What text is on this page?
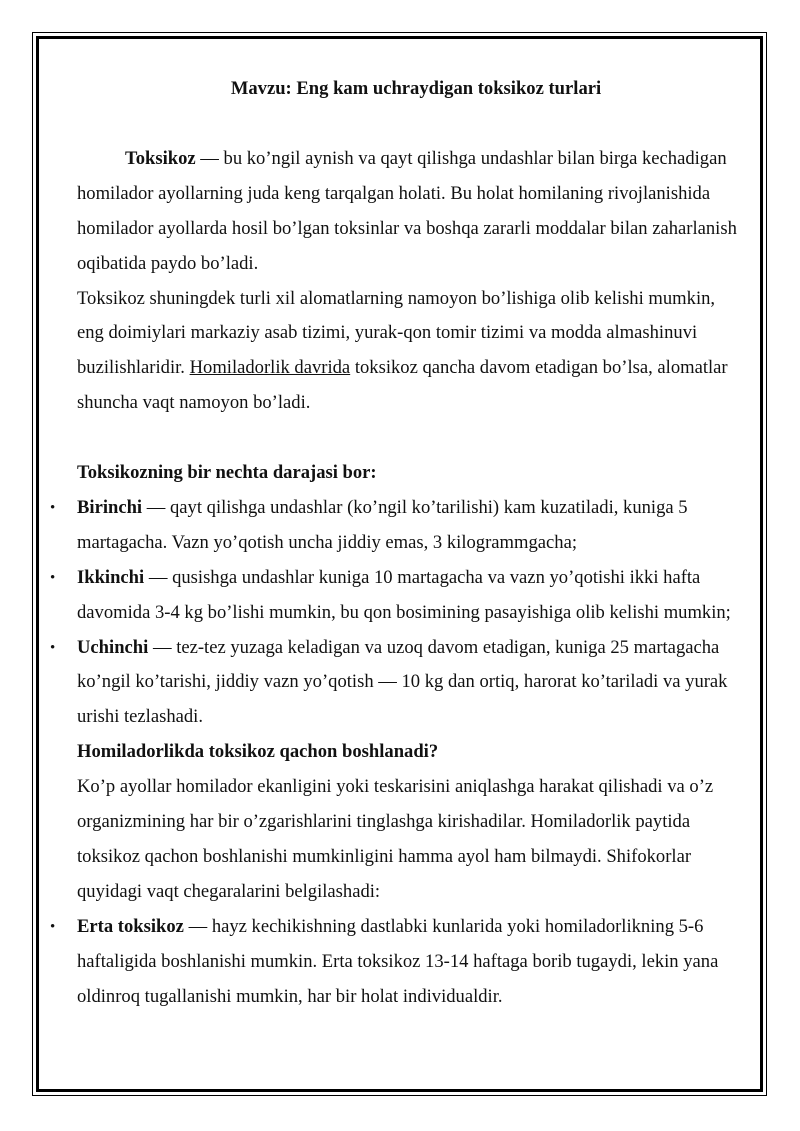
Mavzu: Eng kam uchraydigan toksikoz turlari

Toksikoz — bu ko’ngil aynish va qayt qilishga undashlar bilan birga kechadigan homilador ayollarning juda keng tarqalgan holati. Bu holat homilaning rivojlanishida homilador ayollarda hosil bo’lgan toksinlar va boshqa zararli moddalar bilan zaharlanish oqibatida paydo bo’ladi.

Toksikoz shuningdek turli xil alomatlarning namoyon bo’lishiga olib kelishi mumkin, eng doimiylari markaziy asab tizimi, yurak-qon tomir tizimi va modda almashinuvi buzilishlaridir. Homiladorlik davrida toksikoz qancha davom etadigan bo’lsa, alomatlar shuncha vaqt namoyon bo’ladi.

Toksikozning bir nechta darajasi bor:

• Birinchi — qayt qilishga undashlar (ko’ngil ko’tarilishi) kam kuzatiladi, kuniga 5 martagacha. Vazn yo’qotish uncha jiddiy emas, 3 kilogrammgacha;
• Ikkinchi — qusishga undashlar kuniga 10 martagacha va vazn yo’qotishi ikki hafta davomida 3-4 kg bo’lishi mumkin, bu qon bosimining pasayishiga olib kelishi mumkin;
• Uchinchi — tez-tez yuzaga keladigan va uzoq davom etadigan, kuniga 25 martagacha ko’ngil ko’tarishi, jiddiy vazn yo’qotish — 10 kg dan ortiq, harorat ko’tariladi va yurak urishi tezlashadi.

Homiladorlikda toksikoz qachon boshlanadi?

Ko’p ayollar homilador ekanligini yoki teskarisini aniqlashga harakat qilishadi va o’z organizmining har bir o’zgarishlarini tinglashga kirishadilar. Homiladorlik paytida toksikoz qachon boshlanishi mumkinligini hamma ayol ham bilmaydi. Shifokorlar quyidagi vaqt chegaralarini belgilashadi:

• Erta toksikoz — hayz kechikishning dastlabki kunlarida yoki homiladorlikning 5-6 haftaligida boshlanishi mumkin. Erta toksikoz 13-14 haftaga borib tugaydi, lekin yana oldinroq tugallanishi mumkin, har bir holat individualdir.
